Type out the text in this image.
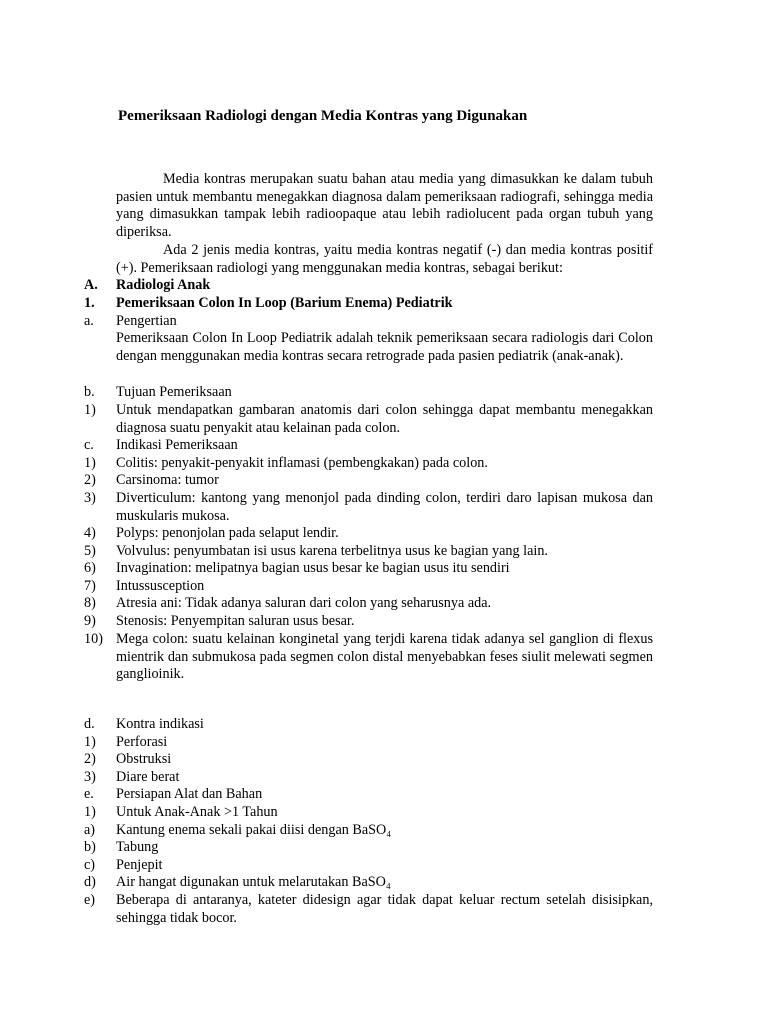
Pemeriksaan Radiologi dengan Media Kontras yang Digunakan
Media kontras merupakan suatu bahan atau media yang dimasukkan ke dalam tubuh pasien untuk membantu menegakkan diagnosa dalam pemeriksaan radiografi, sehingga media yang dimasukkan tampak lebih radioopaque atau lebih radiolucent pada organ tubuh yang diperiksa.
Ada 2 jenis media kontras, yaitu media kontras negatif (-) dan media kontras positif (+). Pemeriksaan radiologi yang menggunakan media kontras, sebagai berikut:
A. Radiologi Anak
1. Pemeriksaan Colon In Loop (Barium Enema) Pediatrik
a. Pengertian
Pemeriksaan Colon In Loop Pediatrik adalah teknik pemeriksaan secara radiologis dari Colon dengan menggunakan media kontras secara retrograde pada pasien pediatrik (anak-anak).
b. Tujuan Pemeriksaan
1) Untuk mendapatkan gambaran anatomis dari colon sehingga dapat membantu menegakkan diagnosa suatu penyakit atau kelainan pada colon.
c. Indikasi Pemeriksaan
1) Colitis: penyakit-penyakit inflamasi (pembengkakan) pada colon.
2) Carsinoma: tumor
3) Diverticulum: kantong yang menonjol pada dinding colon, terdiri daro lapisan mukosa dan muskularis mukosa.
4) Polyps: penonjolan pada selaput lendir.
5) Volvulus: penyumbatan isi usus karena terbelitnya usus ke bagian yang lain.
6) Invagination: melipatnya bagian usus besar ke bagian usus itu sendiri
7) Intussusception
8) Atresia ani: Tidak adanya saluran dari colon yang seharusnya ada.
9) Stenosis: Penyempitan saluran usus besar.
10) Mega colon: suatu kelainan konginetal yang terjdi karena tidak adanya sel ganglion di flexus mientrik dan submukosa pada segmen colon distal menyebabkan feses siulit melewati segmen ganglioinik.
d. Kontra indikasi
1) Perforasi
2) Obstruksi
3) Diare berat
e. Persiapan Alat dan Bahan
1) Untuk Anak-Anak >1 Tahun
a) Kantung enema sekali pakai diisi dengan BaSO₄
b) Tabung
c) Penjepit
d) Air hangat digunakan untuk melarutakan BaSO₄
e) Beberapa di antaranya, kateter didesign agar tidak dapat keluar rectum setelah disisipkan, sehingga tidak bocor.
